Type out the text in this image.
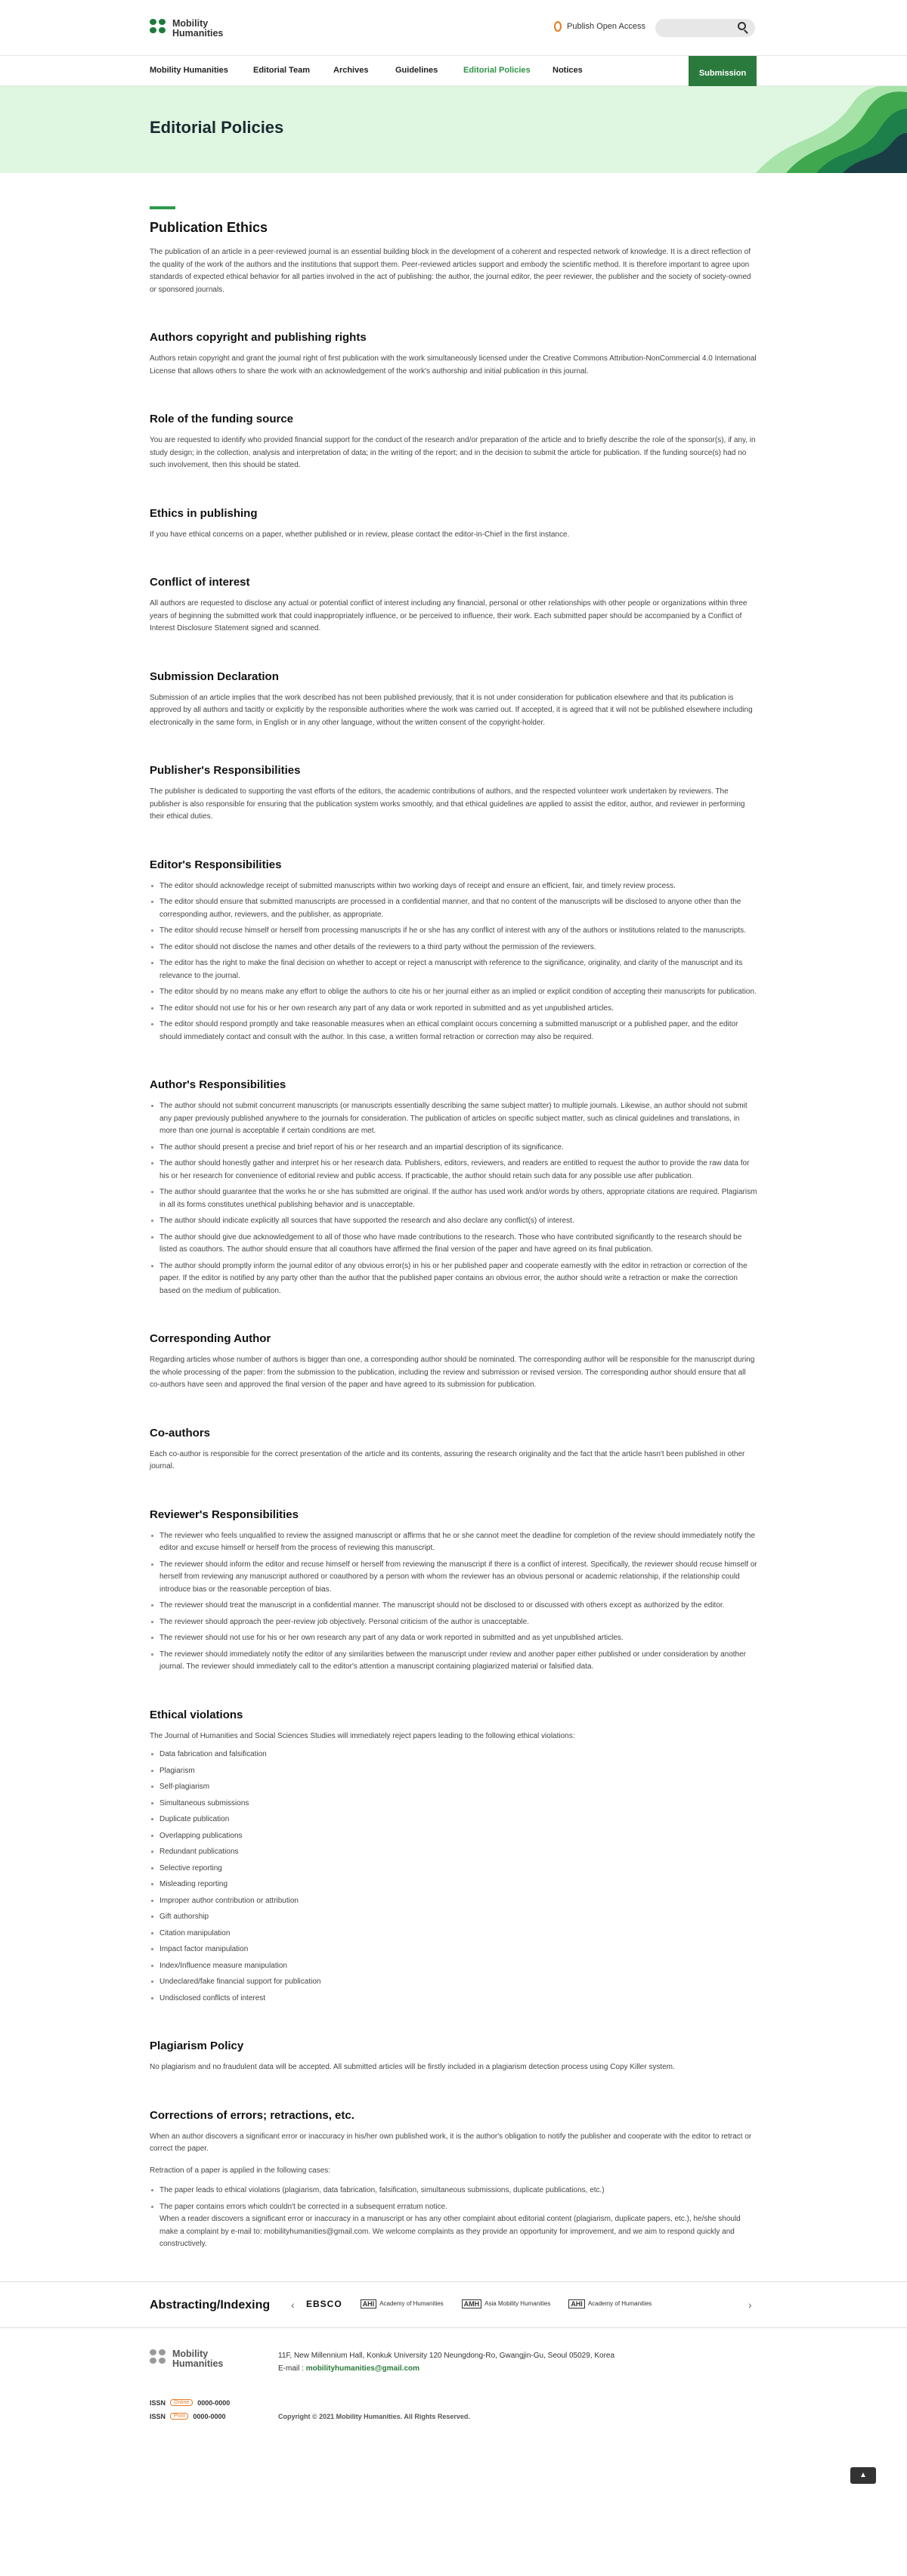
Mobility
Humanities
Publish Open Access
Mobility Humanities	Editorial Team	Archives	Guidelines	Editorial Policies	Notices	Submission
Editorial Policies
Publication Ethics

The publication of an article in a peer-reviewed journal is an essential building block in the development of a coherent and respected network of knowledge. It is a direct reflection of the quality of the work of the authors and the institutions that support them. Peer-reviewed articles support and embody the scientific method. It is therefore important to agree upon standards of expected ethical behavior for all parties involved in the act of publishing: the author, the journal editor, the peer reviewer, the publisher and the society of society-owned or sponsored journals.

Authors copyright and publishing rights

Authors retain copyright and grant the journal right of first publication with the work simultaneously licensed under the Creative Commons Attribution-NonCommercial 4.0 International License that allows others to share the work with an acknowledgement of the work's authorship and initial publication in this journal.

Role of the funding source

You are requested to identify who provided financial support for the conduct of the research and/or preparation of the article and to briefly describe the role of the sponsor(s), if any, in study design; in the collection, analysis and interpretation of data; in the writing of the report; and in the decision to submit the article for publication. If the funding source(s) had no such involvement, then this should be stated.

Ethics in publishing

If you have ethical concerns on a paper, whether published or in review, please contact the editor-in-Chief in the first instance.

Conflict of interest

All authors are requested to disclose any actual or potential conflict of interest including any financial, personal or other relationships with other people or organizations within three years of beginning the submitted work that could inappropriately influence, or be perceived to influence, their work. Each submitted paper should be accompanied by a Conflict of Interest Disclosure Statement signed and scanned.

Submission Declaration

Submission of an article implies that the work described has not been published previously, that it is not under consideration for publication elsewhere and that its publication is approved by all authors and tacitly or explicitly by the responsible authorities where the work was carried out. If accepted, it is agreed that it will not be published elsewhere including electronically in the same form, in English or in any other language, without the written consent of the copyright-holder.

Publisher's Responsibilities

The publisher is dedicated to supporting the vast efforts of the editors, the academic contributions of authors, and the respected volunteer work undertaken by reviewers. The publisher is also responsible for ensuring that the publication system works smoothly, and that ethical guidelines are applied to assist the editor, author, and reviewer in performing their ethical duties.

Editor's Responsibilities
The editor should acknowledge receipt of submitted manuscripts within two working days of receipt and ensure an efficient, fair, and timely review process.
The editor should ensure that submitted manuscripts are processed in a confidential manner, and that no content of the manuscripts will be disclosed to anyone other than the corresponding author, reviewers, and the publisher, as appropriate.
The editor should recuse himself or herself from processing manuscripts if he or she has any conflict of interest with any of the authors or institutions related to the manuscripts.
The editor should not disclose the names and other details of the reviewers to a third party without the permission of the reviewers.
The editor has the right to make the final decision on whether to accept or reject a manuscript with reference to the significance, originality, and clarity of the manuscript and its relevance to the journal.
The editor should by no means make any effort to oblige the authors to cite his or her journal either as an implied or explicit condition of accepting their manuscripts for publication.
The editor should not use for his or her own research any part of any data or work reported in submitted and as yet unpublished articles.
The editor should respond promptly and take reasonable measures when an ethical complaint occurs concerning a submitted manuscript or a published paper, and the editor should immediately contact and consult with the author. In this case, a written formal retraction or correction may also be required.
Author's Responsibilities
The author should not submit concurrent manuscripts (or manuscripts essentially describing the same subject matter) to multiple journals. Likewise, an author should not submit any paper previously published anywhere to the journals for consideration. The publication of articles on specific subject matter, such as clinical guidelines and translations, in more than one journal is acceptable if certain conditions are met.
The author should present a precise and brief report of his or her research and an impartial description of its significance.
The author should honestly gather and interpret his or her research data. Publishers, editors, reviewers, and readers are entitled to request the author to provide the raw data for his or her research for convenience of editorial review and public access. If practicable, the author should retain such data for any possible use after publication.
The author should guarantee that the works he or she has submitted are original. If the author has used work and/or words by others, appropriate citations are required. Plagiarism in all its forms constitutes unethical publishing behavior and is unacceptable.
The author should indicate explicitly all sources that have supported the research and also declare any conflict(s) of interest.
The author should give due acknowledgement to all of those who have made contributions to the research. Those who have contributed significantly to the research should be listed as coauthors. The author should ensure that all coauthors have affirmed the final version of the paper and have agreed on its final publication.
The author should promptly inform the journal editor of any obvious error(s) in his or her published paper and cooperate earnestly with the editor in retraction or correction of the paper. If the editor is notified by any party other than the author that the published paper contains an obvious error, the author should write a retraction or make the correction based on the medium of publication.
Corresponding Author

Regarding articles whose number of authors is bigger than one, a corresponding author should be nominated. The corresponding author will be responsible for the manuscript during the whole processing of the paper: from the submission to the publication, including the review and submission or revised version. The corresponding author should ensure that all co-authors have seen and approved the final version of the paper and have agreed to its submission for publication.

Co-authors

Each co-author is responsible for the correct presentation of the article and its contents, assuring the research originality and the fact that the article hasn't been published in other journal.

Reviewer's Responsibilities
The reviewer who feels unqualified to review the assigned manuscript or affirms that he or she cannot meet the deadline for completion of the review should immediately notify the editor and excuse himself or herself from the process of reviewing this manuscript.
The reviewer should inform the editor and recuse himself or herself from reviewing the manuscript if there is a conflict of interest. Specifically, the reviewer should recuse himself or herself from reviewing any manuscript authored or coauthored by a person with whom the reviewer has an obvious personal or academic relationship, if the relationship could introduce bias or the reasonable perception of bias.
The reviewer should treat the manuscript in a confidential manner. The manuscript should not be disclosed to or discussed with others except as authorized by the editor.
The reviewer should approach the peer-review job objectively. Personal criticism of the author is unacceptable.
The reviewer should not use for his or her own research any part of any data or work reported in submitted and as yet unpublished articles.
The reviewer should immediately notify the editor of any similarities between the manuscript under review and another paper either published or under consideration by another journal. The reviewer should immediately call to the editor's attention a manuscript containing plagiarized material or falsified data.
Ethical violations

The Journal of Humanities and Social Sciences Studies will immediately reject papers leading to the following ethical violations:

Data fabrication and falsification
Plagiarism
Self-plagiarism
Simultaneous submissions
Duplicate publication
Overlapping publications
Redundant publications
Selective reporting
Misleading reporting
Improper author contribution or attribution
Gift authorship
Citation manipulation
Impact factor manipulation
Index/Influence measure manipulation
Undeclared/fake financial support for publication
Undisclosed conflicts of interest
Plagiarism Policy

No plagiarism and no fraudulent data will be accepted. All submitted articles will be firstly included in a plagiarism detection process using Copy Killer system.

Corrections of errors; retractions, etc.

When an author discovers a significant error or inaccuracy in his/her own published work, it is the author's obligation to notify the publisher and cooperate with the editor to retract or correct the paper.

Retraction of a paper is applied in the following cases:

The paper leads to ethical violations (plagiarism, data fabrication, falsification, simultaneous submissions, duplicate publications, etc.)
The paper contains errors which couldn't be corrected in a subsequent erratum notice.

When a reader discovers a significant error or inaccuracy in a manuscript or has any other complaint about editorial content (plagiarism, duplicate papers, etc.), he/she should make a complaint by e-mail to: mobilityhumanities@gmail.com. We welcome complaints as they provide an opportunity for improvement, and we aim to respond quickly and constructively.

Abstracting/Indexing ‹ EBSCO	AHI Academy of Humanities	AMH Asia Mobility Humanities	AHI Academy of Humanities	›
Mobility
Humanities
11F, New Millennium Hall, Konkuk University 120 Neungdong-Ro, Gwangjin-Gu, Seoul 05029, Korea
E-mail : mobilityhumanities@gmail.com
ISSN	Online	0000-0000
ISSN	Print	0000-0000	Copyright © 2021 Mobility Humanities. All Rights Reserved.
▲
